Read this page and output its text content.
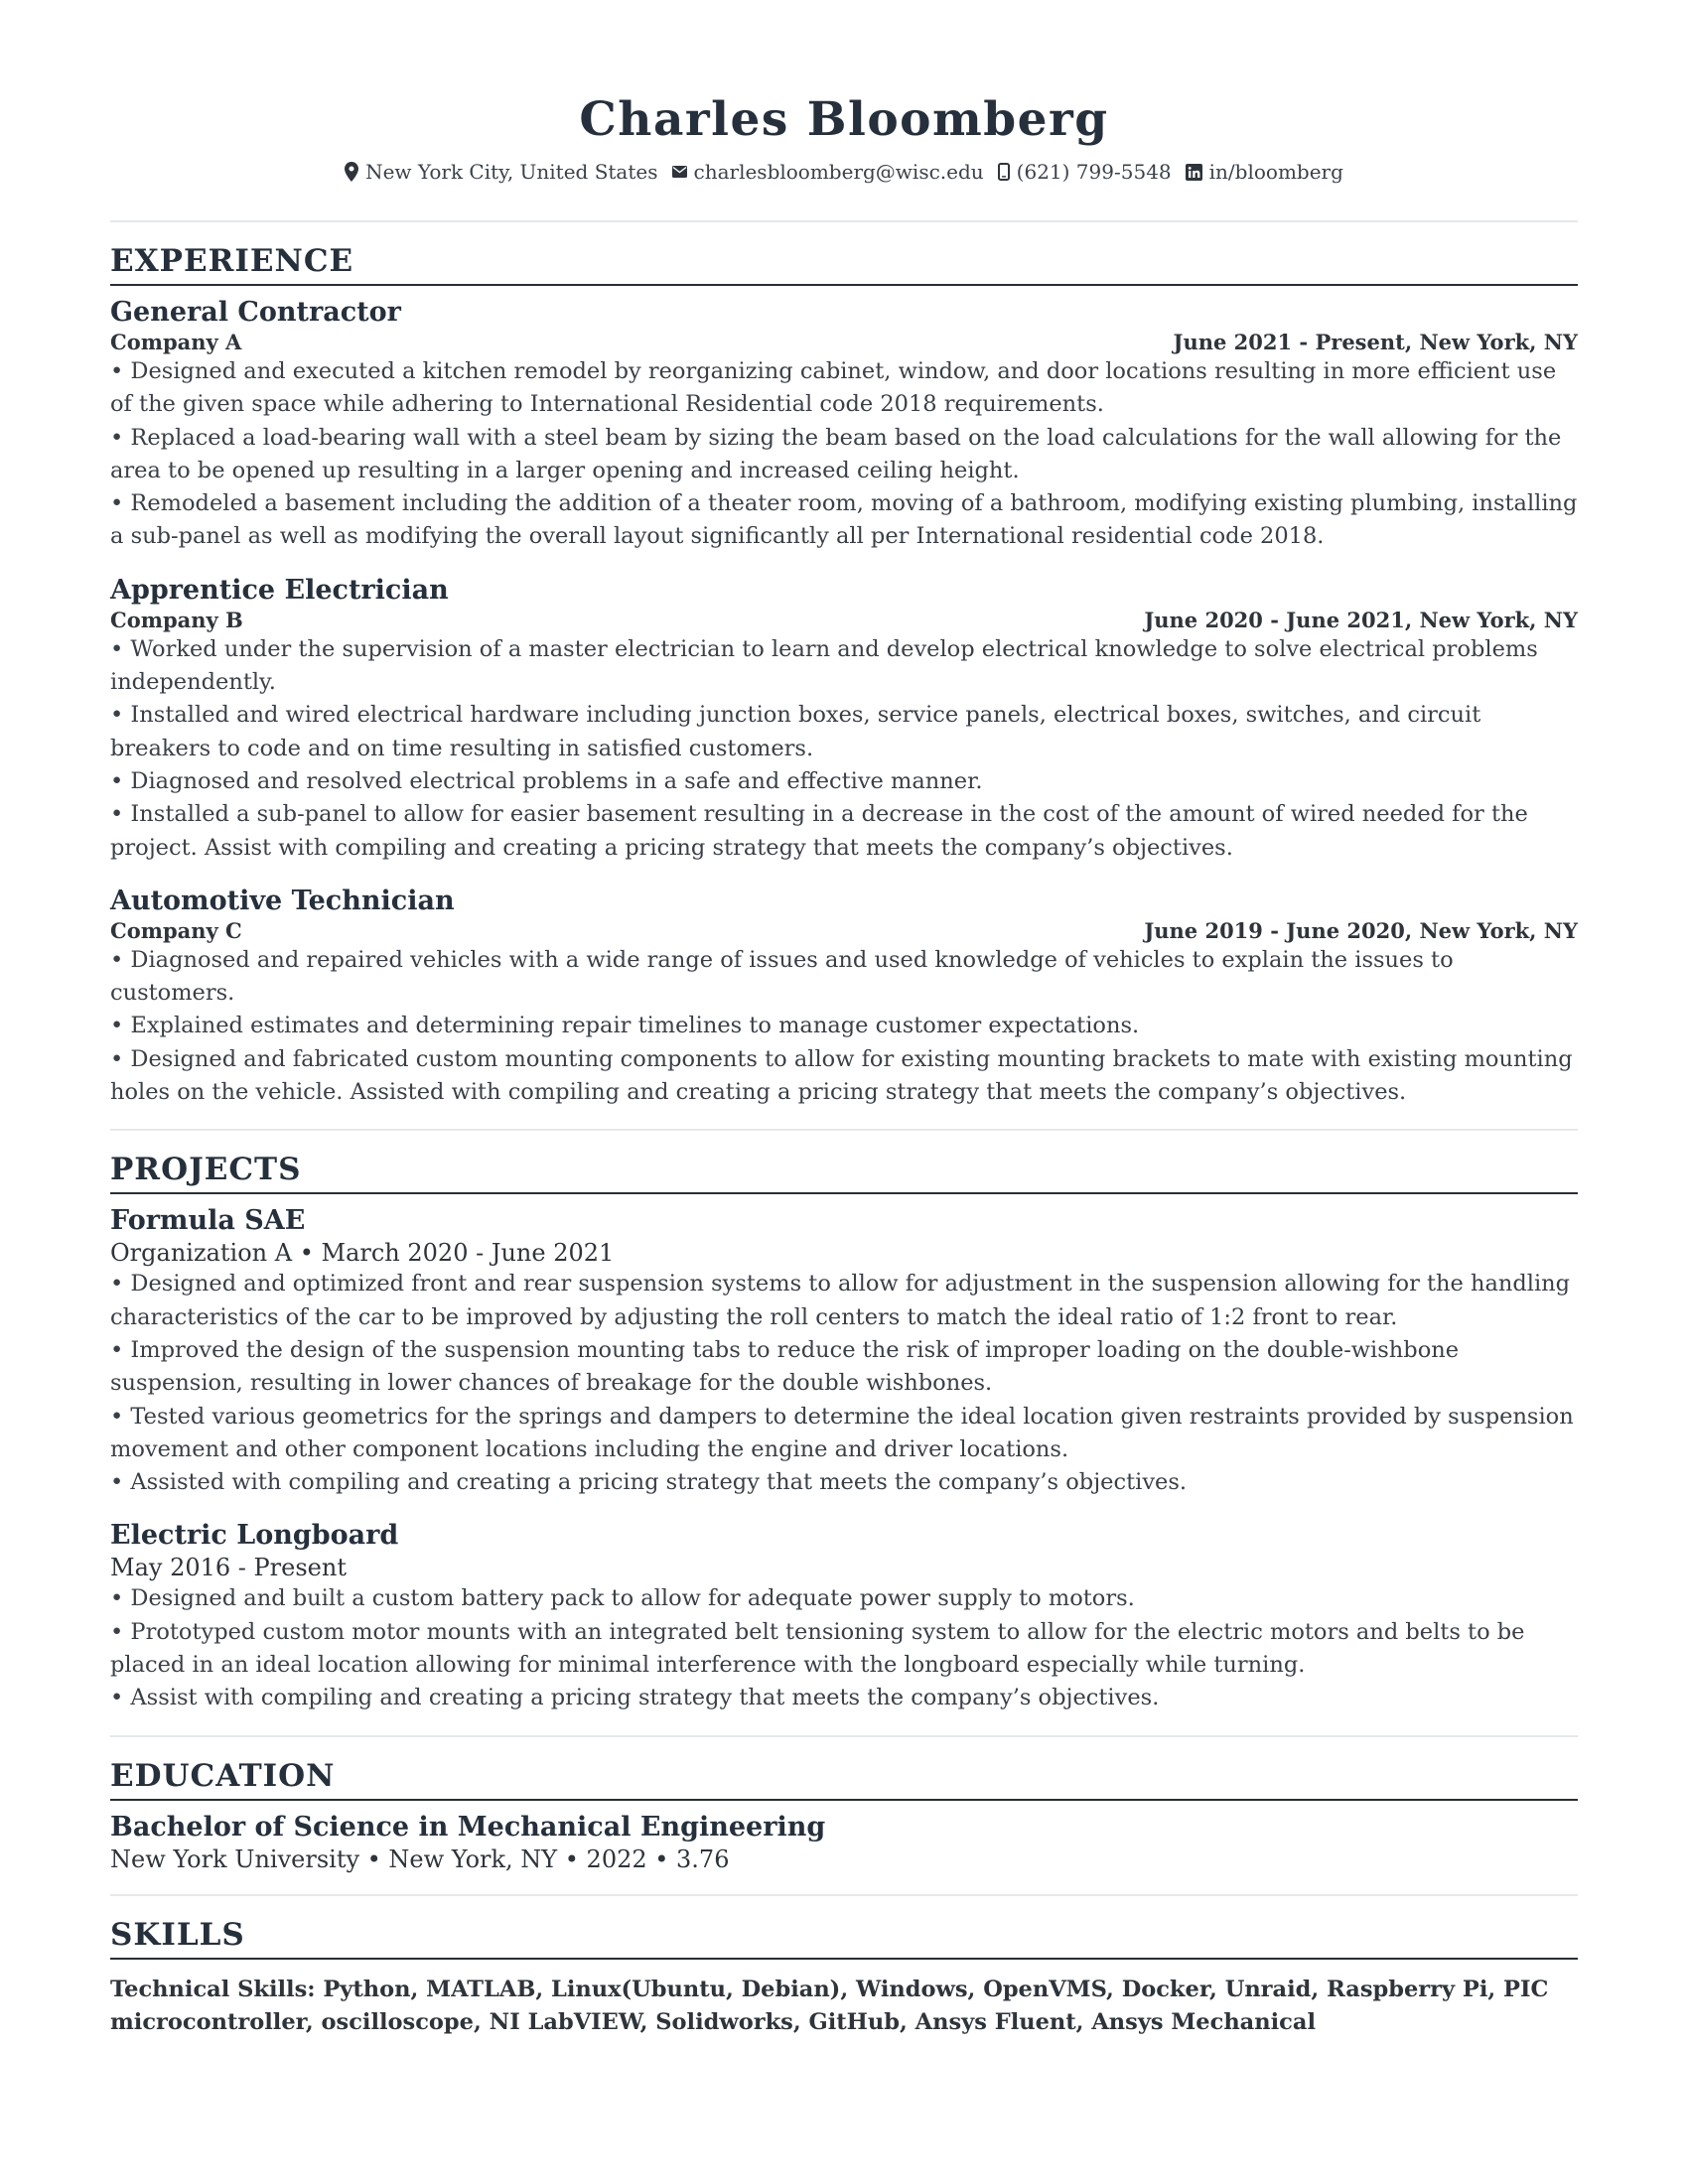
Charles Bloomberg
New York City, United States charlesbloomberg@wisc.edu (621) 799-5548 in/bloomberg
EXPERIENCE
General Contractor
Company A	June 2021 - Present, New York, NY
• Designed and executed a kitchen remodel by reorganizing cabinet, window, and door locations resulting in more efficient use of the given space while adhering to International Residential code 2018 requirements.
• Replaced a load-bearing wall with a steel beam by sizing the beam based on the load calculations for the wall allowing for the area to be opened up resulting in a larger opening and increased ceiling height.
• Remodeled a basement including the addition of a theater room, moving of a bathroom, modifying existing plumbing, installing a sub-panel as well as modifying the overall layout significantly all per International residential code 2018.
Apprentice Electrician
Company B	June 2020 - June 2021, New York, NY
• Worked under the supervision of a master electrician to learn and develop electrical knowledge to solve electrical problems independently.
• Installed and wired electrical hardware including junction boxes, service panels, electrical boxes, switches, and circuit breakers to code and on time resulting in satisfied customers.
• Diagnosed and resolved electrical problems in a safe and effective manner.
• Installed a sub-panel to allow for easier basement resulting in a decrease in the cost of the amount of wired needed for the project. Assist with compiling and creating a pricing strategy that meets the company’s objectives.
Automotive Technician
Company C	June 2019 - June 2020, New York, NY
• Diagnosed and repaired vehicles with a wide range of issues and used knowledge of vehicles to explain the issues to customers.
• Explained estimates and determining repair timelines to manage customer expectations.
• Designed and fabricated custom mounting components to allow for existing mounting brackets to mate with existing mounting holes on the vehicle. Assisted with compiling and creating a pricing strategy that meets the company’s objectives.
PROJECTS
Formula SAE
Organization A • March 2020 - June 2021
• Designed and optimized front and rear suspension systems to allow for adjustment in the suspension allowing for the handling characteristics of the car to be improved by adjusting the roll centers to match the ideal ratio of 1:2 front to rear.
• Improved the design of the suspension mounting tabs to reduce the risk of improper loading on the double-wishbone suspension, resulting in lower chances of breakage for the double wishbones.
• Tested various geometrics for the springs and dampers to determine the ideal location given restraints provided by suspension movement and other component locations including the engine and driver locations.
• Assisted with compiling and creating a pricing strategy that meets the company’s objectives.
Electric Longboard
May 2016 - Present
• Designed and built a custom battery pack to allow for adequate power supply to motors.
• Prototyped custom motor mounts with an integrated belt tensioning system to allow for the electric motors and belts to be placed in an ideal location allowing for minimal interference with the longboard especially while turning.
• Assist with compiling and creating a pricing strategy that meets the company’s objectives.
EDUCATION
Bachelor of Science in Mechanical Engineering
New York University • New York, NY • 2022 • 3.76
SKILLS
Technical Skills: Python, MATLAB, Linux(Ubuntu, Debian), Windows, OpenVMS, Docker, Unraid, Raspberry Pi, PIC microcontroller, oscilloscope, NI LabVIEW, Solidworks, GitHub, Ansys Fluent, Ansys Mechanical
